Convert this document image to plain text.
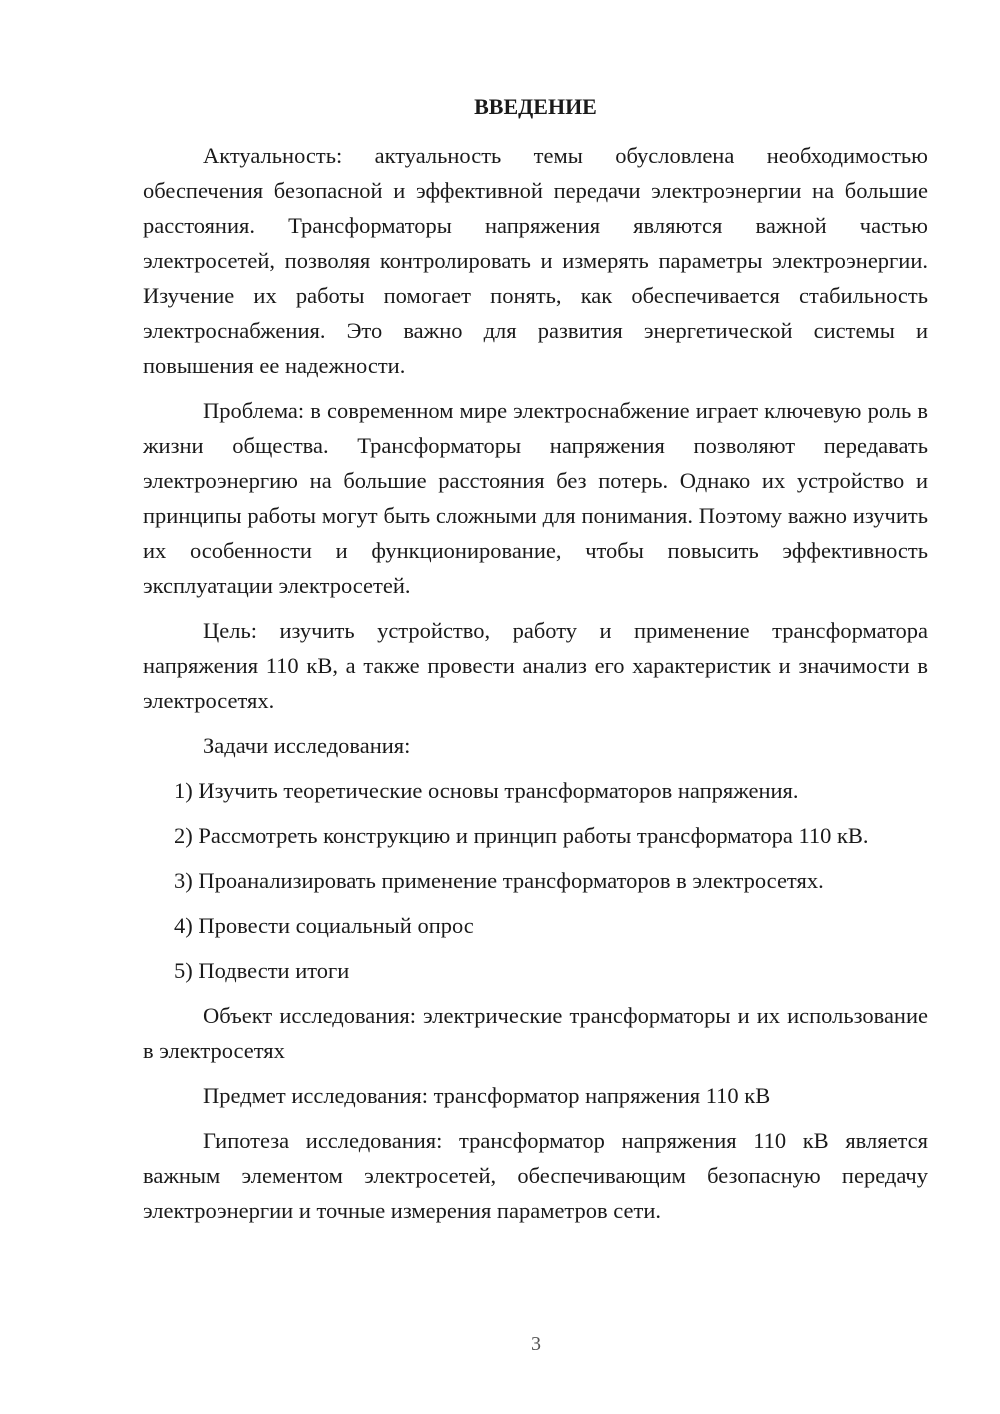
ВВЕДЕНИЕ

Актуальность: актуальность темы обусловлена необходимостью обеспечения безопасной и эффективной передачи электроэнергии на большие расстояния. Трансформаторы напряжения являются важной частью электросетей, позволяя контролировать и измерять параметры электроэнергии. Изучение их работы помогает понять, как обеспечивается стабильность электроснабжения. Это важно для развития энергетической системы и повышения ее надежности.

Проблема: в современном мире электроснабжение играет ключевую роль в жизни общества. Трансформаторы напряжения позволяют передавать электроэнергию на большие расстояния без потерь. Однако их устройство и принципы работы могут быть сложными для понимания. Поэтому важно изучить их особенности и функционирование, чтобы повысить эффективность эксплуатации электросетей.

Цель: изучить устройство, работу и применение трансформатора напряжения 110 кВ, а также провести анализ его характеристик и значимости в электросетях.

Задачи исследования:

1) Изучить теоретические основы трансформаторов напряжения.

2) Рассмотреть конструкцию и принцип работы трансформатора 110 кВ.

3) Проанализировать применение трансформаторов в электросетях.

4) Провести социальный опрос

5) Подвести итоги

Объект исследования: электрические трансформаторы и их использование в электросетях

Предмет исследования: трансформатор напряжения 110 кВ

Гипотеза исследования: трансформатор напряжения 110 кВ является важным элементом электросетей, обеспечивающим безопасную передачу электроэнергии и точные измерения параметров сети.

3
